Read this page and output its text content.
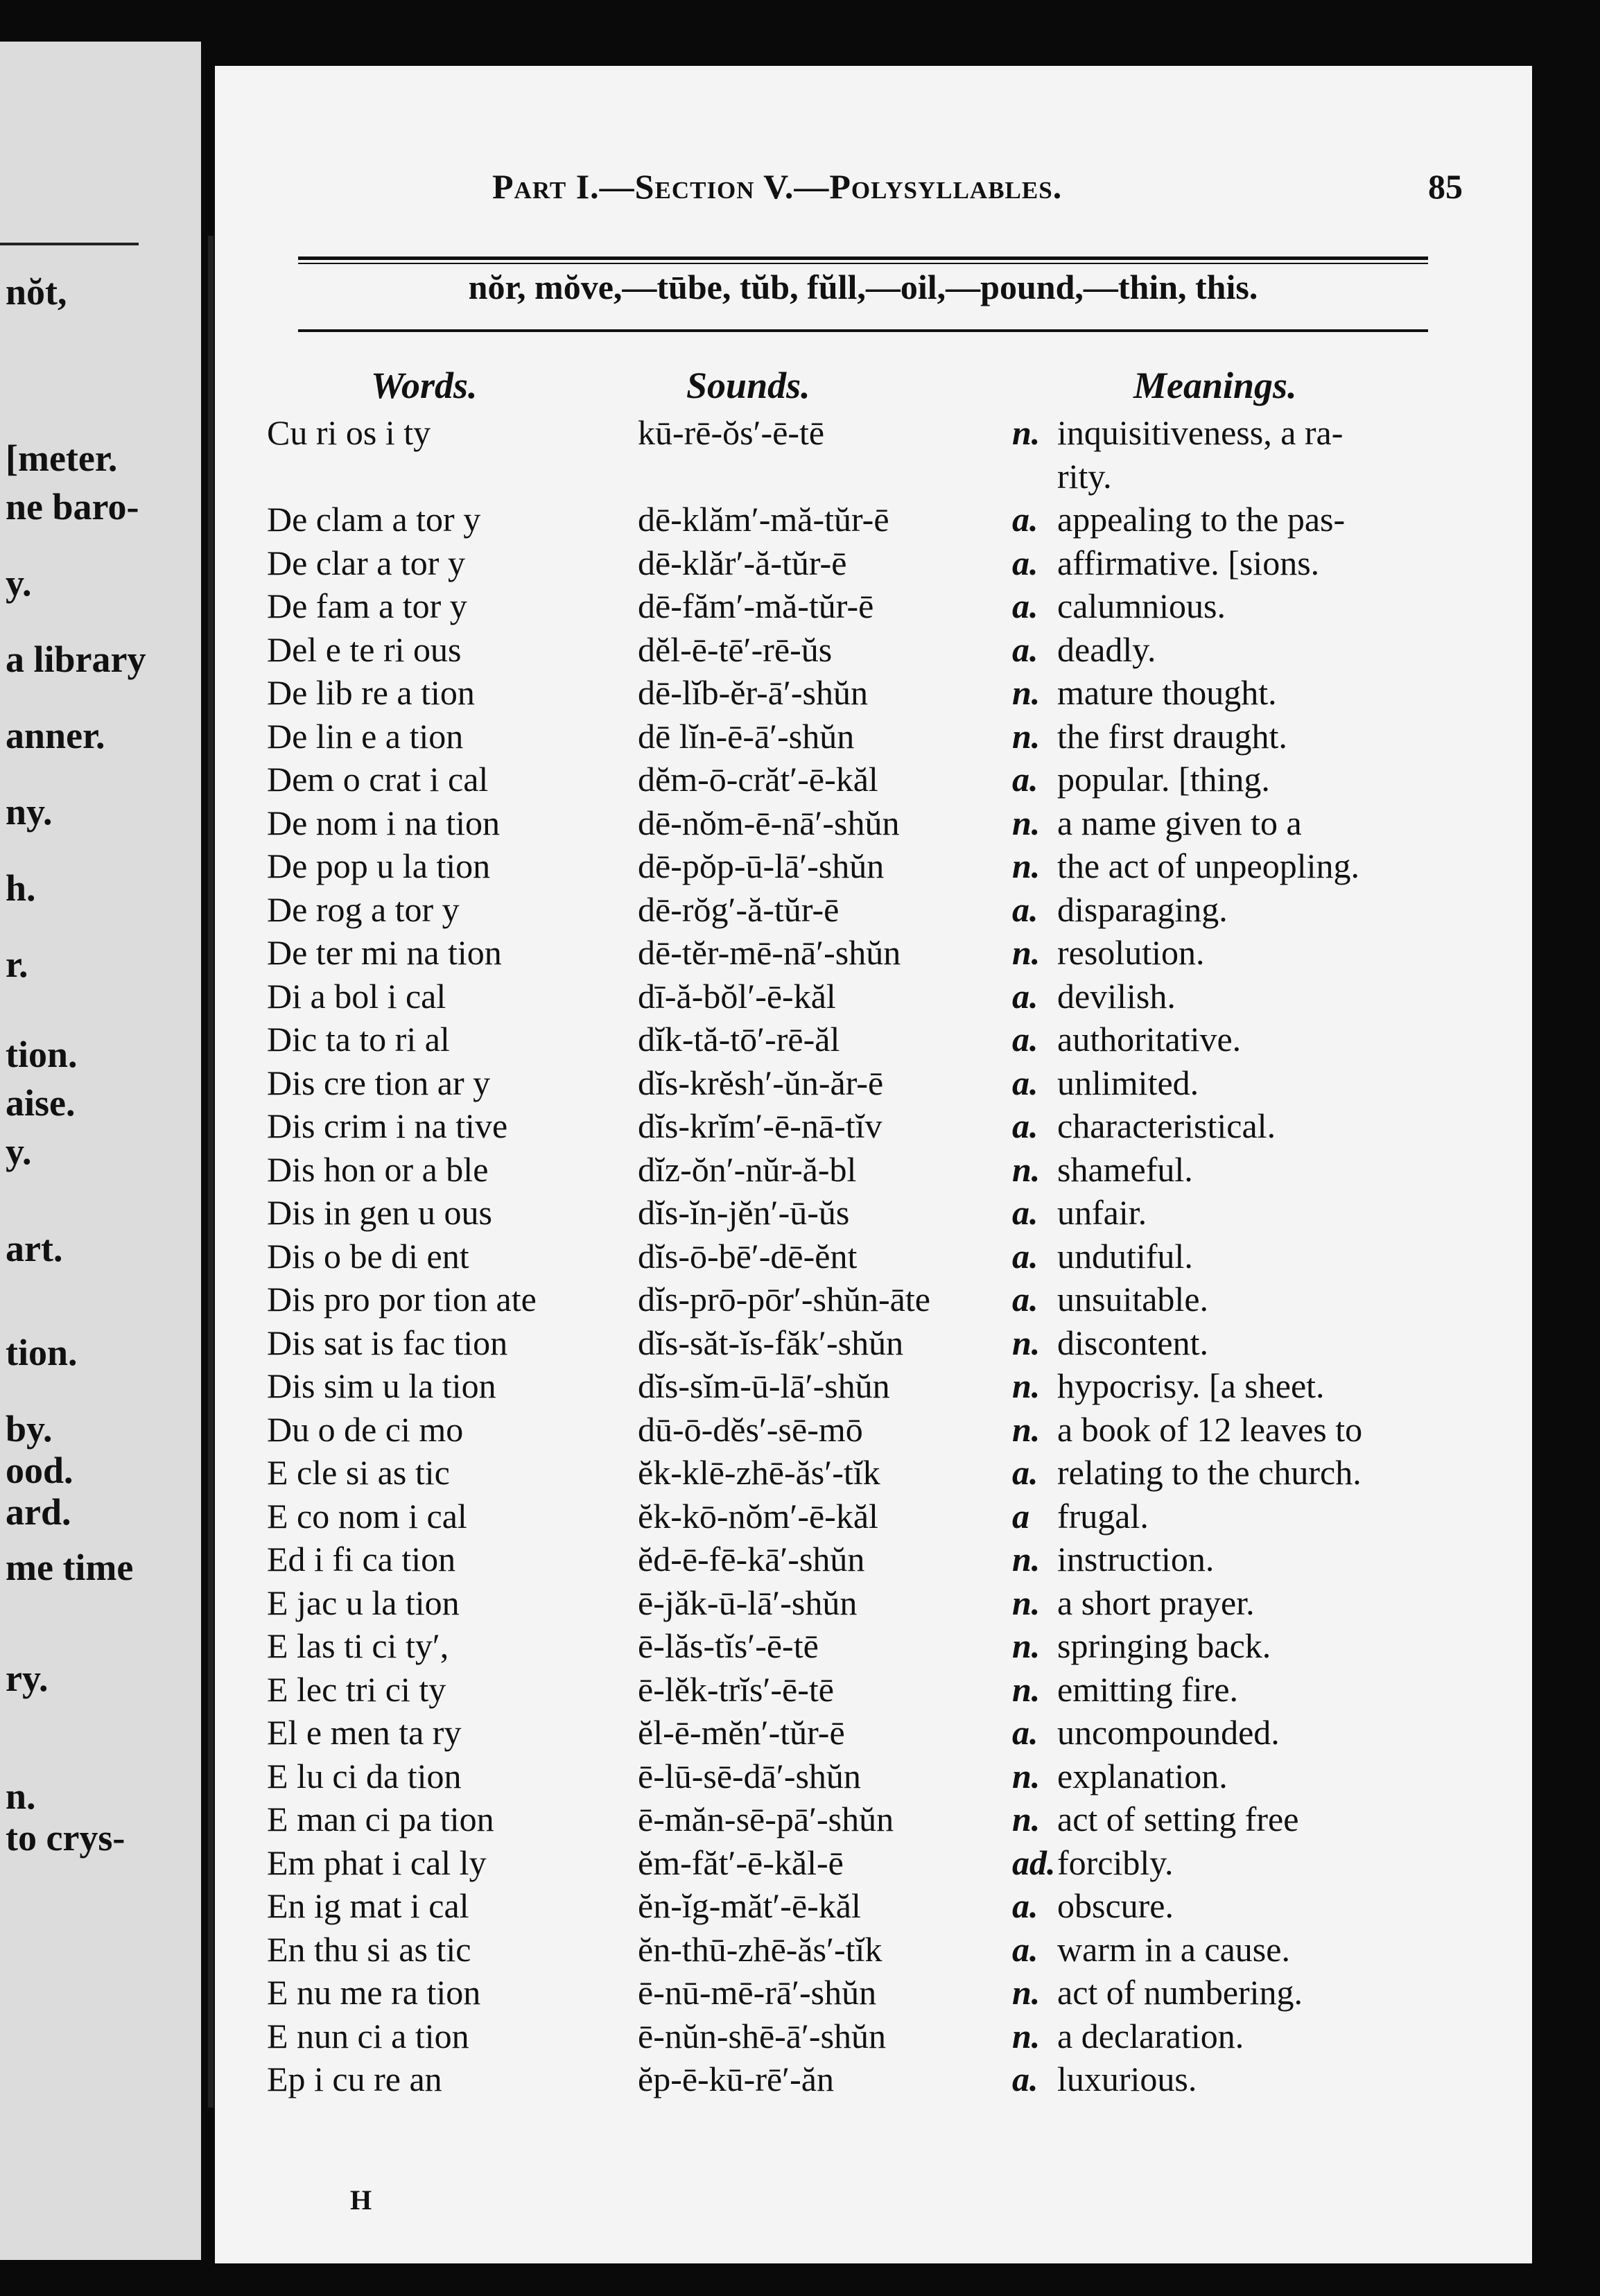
nŏt,
[meter.
ne baro-
y.
a library
anner.
ny.
h.
r.
tion.
aise.
y.
art.
tion.
by.
ood.
ard.
me time
ry.
n.
to crys-
Part I.—Section V.—Polysyllables.	85
nŏr, mŏve,—tūbe, tŭb, fŭll,—oil,—pound,—thin, this.
Words.	Sounds.	Meanings.
Cu ri os i ty	kū-rē-ŏs′-ē-tē	n. inquisitiveness, a ra-
rity.
De clam a tor y	dē-klăm′-mă-tŭr-ē	a. appealing to the pas-
De clar a tor y	dē-klăr′-ă-tŭr-ē	a. affirmative. [sions.
De fam a tor y	dē-făm′-mă-tŭr-ē	a. calumnious.
Del e te ri ous	dĕl-ē-tē′-rē-ŭs	a. deadly.
De lib re a tion	dē-lĭb-ĕr-ā′-shŭn	n. mature thought.
De lin e a tion	dē lĭn-ē-ā′-shŭn	n. the first draught.
Dem o crat i cal	dĕm-ō-crăt′-ē-kăl	a. popular. [thing.
De nom i na tion	dē-nŏm-ē-nā′-shŭn	n. a name given to a
De pop u la tion	dē-pŏp-ū-lā′-shŭn	n. the act of unpeopling.
De rog a tor y	dē-rŏg′-ă-tŭr-ē	a. disparaging.
De ter mi na tion	dē-tĕr-mē-nā′-shŭn	n. resolution.
Di a bol i cal	dī-ă-bŏl′-ē-kăl	a. devilish.
Dic ta to ri al	dĭk-tă-tō′-rē-ăl	a. authoritative.
Dis cre tion ar y	dĭs-krĕsh′-ŭn-ăr-ē	a. unlimited.
Dis crim i na tive	dĭs-krĭm′-ē-nā-tĭv	a. characteristical.
Dis hon or a ble	dĭz-ŏn′-nŭr-ă-bl	n. shameful.
Dis in gen u ous	dĭs-ĭn-jĕn′-ū-ŭs	a. unfair.
Dis o be di ent	dĭs-ō-bē′-dē-ĕnt	a. undutiful.
Dis pro por tion ate	dĭs-prō-pōr′-shŭn-āte a. unsuitable.
Dis sat is fac tion	dĭs-săt-ĭs-făk′-shŭn	n. discontent.
Dis sim u la tion	dĭs-sĭm-ū-lā′-shŭn	n. hypocrisy. [a sheet.
Du o de ci mo	dū-ō-dĕs′-sē-mō	n. a book of 12 leaves to
E cle si as tic	ĕk-klē-zhē-ăs′-tĭk	a. relating to the church.
E co nom i cal	ĕk-kō-nŏm′-ē-kăl	a frugal.
Ed i fi ca tion	ĕd-ē-fē-kā′-shŭn	n. instruction.
E jac u la tion	ē-jăk-ū-lā′-shŭn	n. a short prayer.
E las ti ci ty′,	ē-lăs-tĭs′-ē-tē	n. springing back.
E lec tri ci ty	ē-lĕk-trĭs′-ē-tē	n. emitting fire.
El e men ta ry	ĕl-ē-mĕn′-tŭr-ē	a. uncompounded.
E lu ci da tion	ē-lū-sē-dā′-shŭn	n. explanation.
E man ci pa tion	ē-măn-sē-pā′-shŭn	n. act of setting free
Em phat i cal ly	ĕm-făt′-ē-kăl-ē	ad. forcibly.
En ig mat i cal	ĕn-ĭg-măt′-ē-kăl	a. obscure.
En thu si as tic	ĕn-thū-zhē-ăs′-tĭk	a. warm in a cause.
E nu me ra tion	ē-nū-mē-rā′-shŭn	n. act of numbering.
E nun ci a tion	ē-nŭn-shē-ā′-shŭn	n. a declaration.
Ep i cu re an	ĕp-ē-kū-rē′-ăn	a. luxurious.
H
